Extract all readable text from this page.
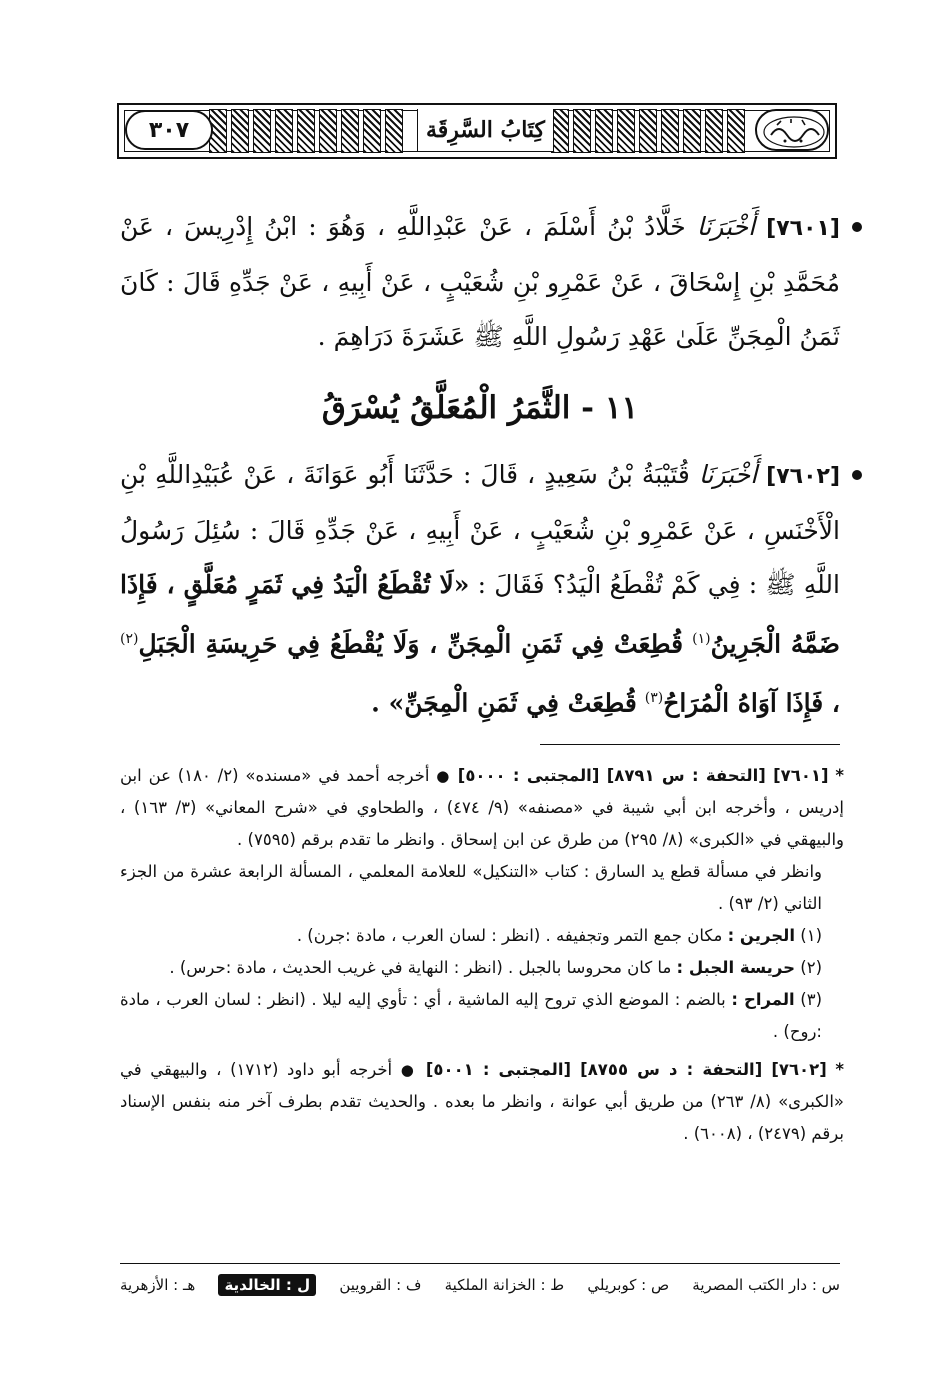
٣٠٧	كِتَابُ السَّرِقَة

[٧٦٠١] أَخْبَرَنَا خَلَّادُ بْنُ أَسْلَمَ ، عَنْ عَبْدِاللَّهِ ، وَهُوَ : ابْنُ إِدْرِيسَ ، عَنْ مُحَمَّدِ بْنِ إِسْحَاقَ ، عَنْ عَمْرِو بْنِ شُعَيْبٍ ، عَنْ أَبِيهِ ، عَنْ جَدِّهِ قَالَ : كَانَ ثَمَنُ الْمِجَنِّ عَلَىٰ عَهْدِ رَسُولِ اللَّهِ ﷺ عَشَرَةَ دَرَاهِمَ .

١١ - الثَّمَرُ الْمُعَلَّقُ يُسْرَقُ

[٧٦٠٢] أَخْبَرَنَا قُتَيْبَةُ بْنُ سَعِيدٍ ، قَالَ : حَدَّثَنَا أَبُو عَوَانَةَ ، عَنْ عُبَيْدِاللَّهِ بْنِ الْأَخْنَسِ ، عَنْ عَمْرِو بْنِ شُعَيْبٍ ، عَنْ أَبِيهِ ، عَنْ جَدِّهِ قَالَ : سُئِلَ رَسُولُ اللَّهِ ﷺ : فِي كَمْ تُقْطَعُ الْيَدُ؟ فَقَالَ : «لَا تُقْطَعُ الْيَدُ فِي ثَمَرٍ مُعَلَّقٍ ، فَإِذَا ضَمَّهُ الْجَرِينُ$^{(١)}$ قُطِعَتْ فِي ثَمَنِ الْمِجَنِّ ، وَلَا يُقْطَعُ فِي حَرِيسَةِ الْجَبَلِ$^{(٢)}$ ، فَإِذَا آوَاهُ الْمُرَاحُ$^{(٣)}$ قُطِعَتْ فِي ثَمَنِ الْمِجَنِّ» .

* [٧٦٠١] [التحفة : س ٨٧٩١] [المجتبى : ٥٠٠٠] ● أخرجه أحمد في «مسنده» (٢/ ١٨٠) عن ابن إدريس ، وأخرجه ابن أبي شيبة في «مصنفه» (٩/ ٤٧٤) ، والطحاوي في «شرح المعاني» (٣/ ١٦٣) ، والبيهقي في «الكبرى» (٨/ ٢٩٥) من طرق عن ابن إسحاق . وانظر ما تقدم برقم (٧٥٩٥) .

وانظر في مسألة قطع يد السارق : كتاب «التنكيل» للعلامة المعلمي ، المسألة الرابعة عشرة من الجزء الثاني (٢/ ٩٣) .

(١) الجرين : مكان جمع التمر وتجفيفه . (انظر : لسان العرب ، مادة :جرن) .

(٢) حريسة الجبل : ما كان محروسا بالجبل . (انظر : النهاية في غريب الحديث ، مادة :حرس) .

(٣) المراح : بالضم : الموضع الذي تروح إليه الماشية ، أي : تأوي إليه ليلا . (انظر : لسان العرب ، مادة :روح) .

* [٧٦٠٢] [التحفة : د س ٨٧٥٥] [المجتبى : ٥٠٠١] ● أخرجه أبو داود (١٧١٢) ، والبيهقي في «الكبرى» (٨/ ٢٦٣) من طريق أبي عوانة ، وانظر ما بعده . والحديث تقدم بطرف آخر منه بنفس الإسناد برقم (٢٤٧٩) ، (٦٠٠٨) .

س : دار الكتب المصرية
ص : كوبريلي
ط : الخزانة الملكية
ف : القرويين
ل : الخالدية
هـ : الأزهرية
